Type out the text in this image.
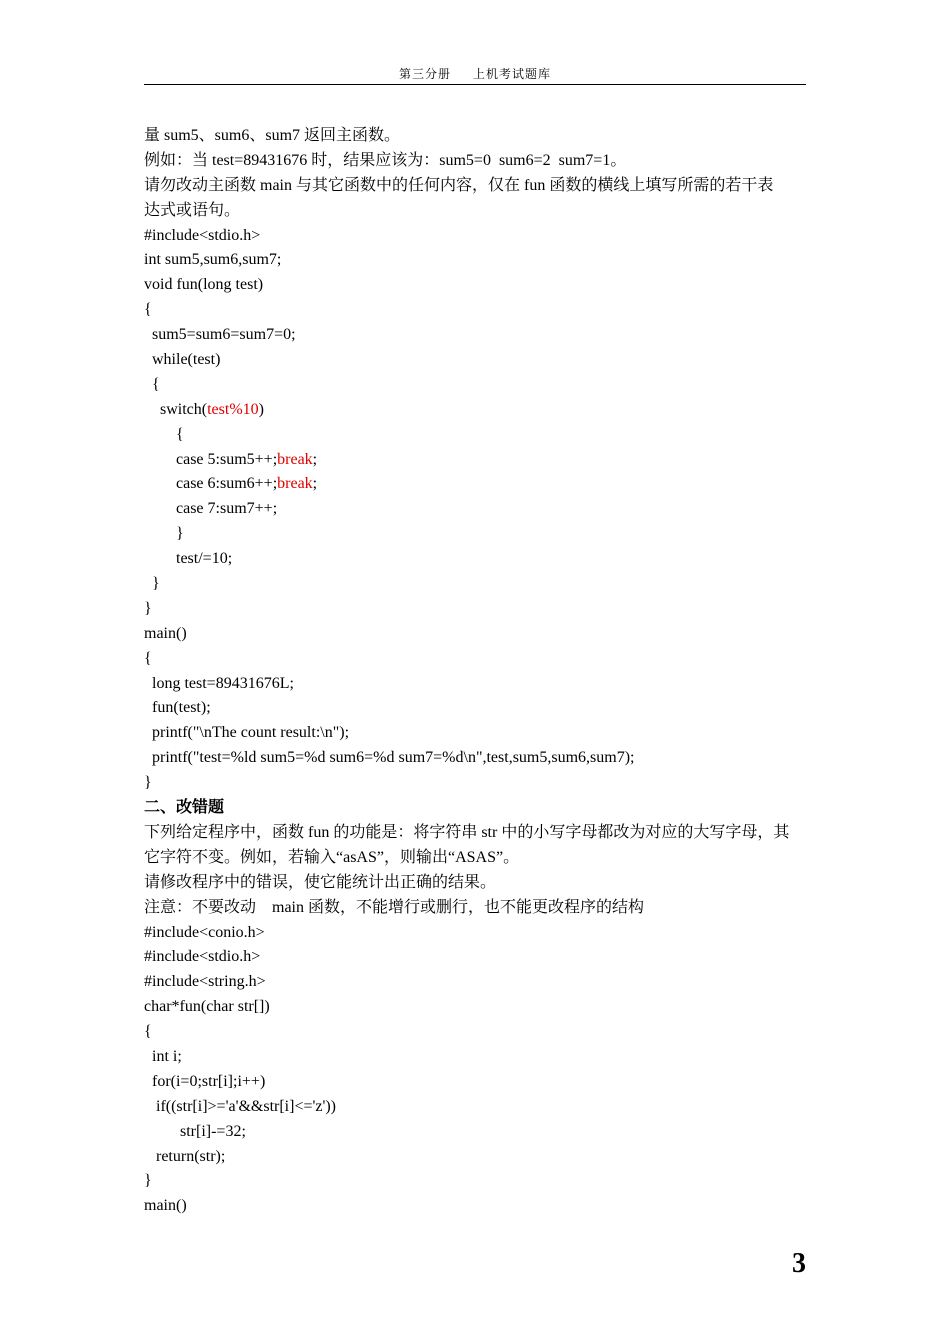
第三分册 上机考试题库
量 sum5、sum6、sum7 返回主函数。
例如：当 test=89431676 时，结果应该为：sum5=0  sum6=2  sum7=1。
请勿改动主函数 main 与其它函数中的任何内容，仅在 fun 函数的横线上填写所需的若干表
达式或语句。
#include<stdio.h>
int sum5,sum6,sum7;
void fun(long test)
{
sum5=sum6=sum7=0;
while(test)
{
switch(test%10)
{
case 5:sum5++;break;
case 6:sum6++;break;
case 7:sum7++;
}
test/=10;
}
}
main()
{
long test=89431676L;
fun(test);
printf("\nThe count result:\n");
printf("test=%ld sum5=%d sum6=%d sum7=%d\n",test,sum5,sum6,sum7);
}
二、改错题
下列给定程序中，函数 fun 的功能是：将字符串 str 中的小写字母都改为对应的大写字母，其
它字符不变。例如，若输入“asAS”，则输出“ASAS”。
请修改程序中的错误，使它能统计出正确的结果。
注意：不要改动    main 函数，不能增行或删行，也不能更改程序的结构
#include<conio.h>
#include<stdio.h>
#include<string.h>
char*fun(char str[])
{
int i;
for(i=0;str[i];i++)
if((str[i]>='a'&&str[i]<='z'))
str[i]-=32;
return(str);
}
main()
3
